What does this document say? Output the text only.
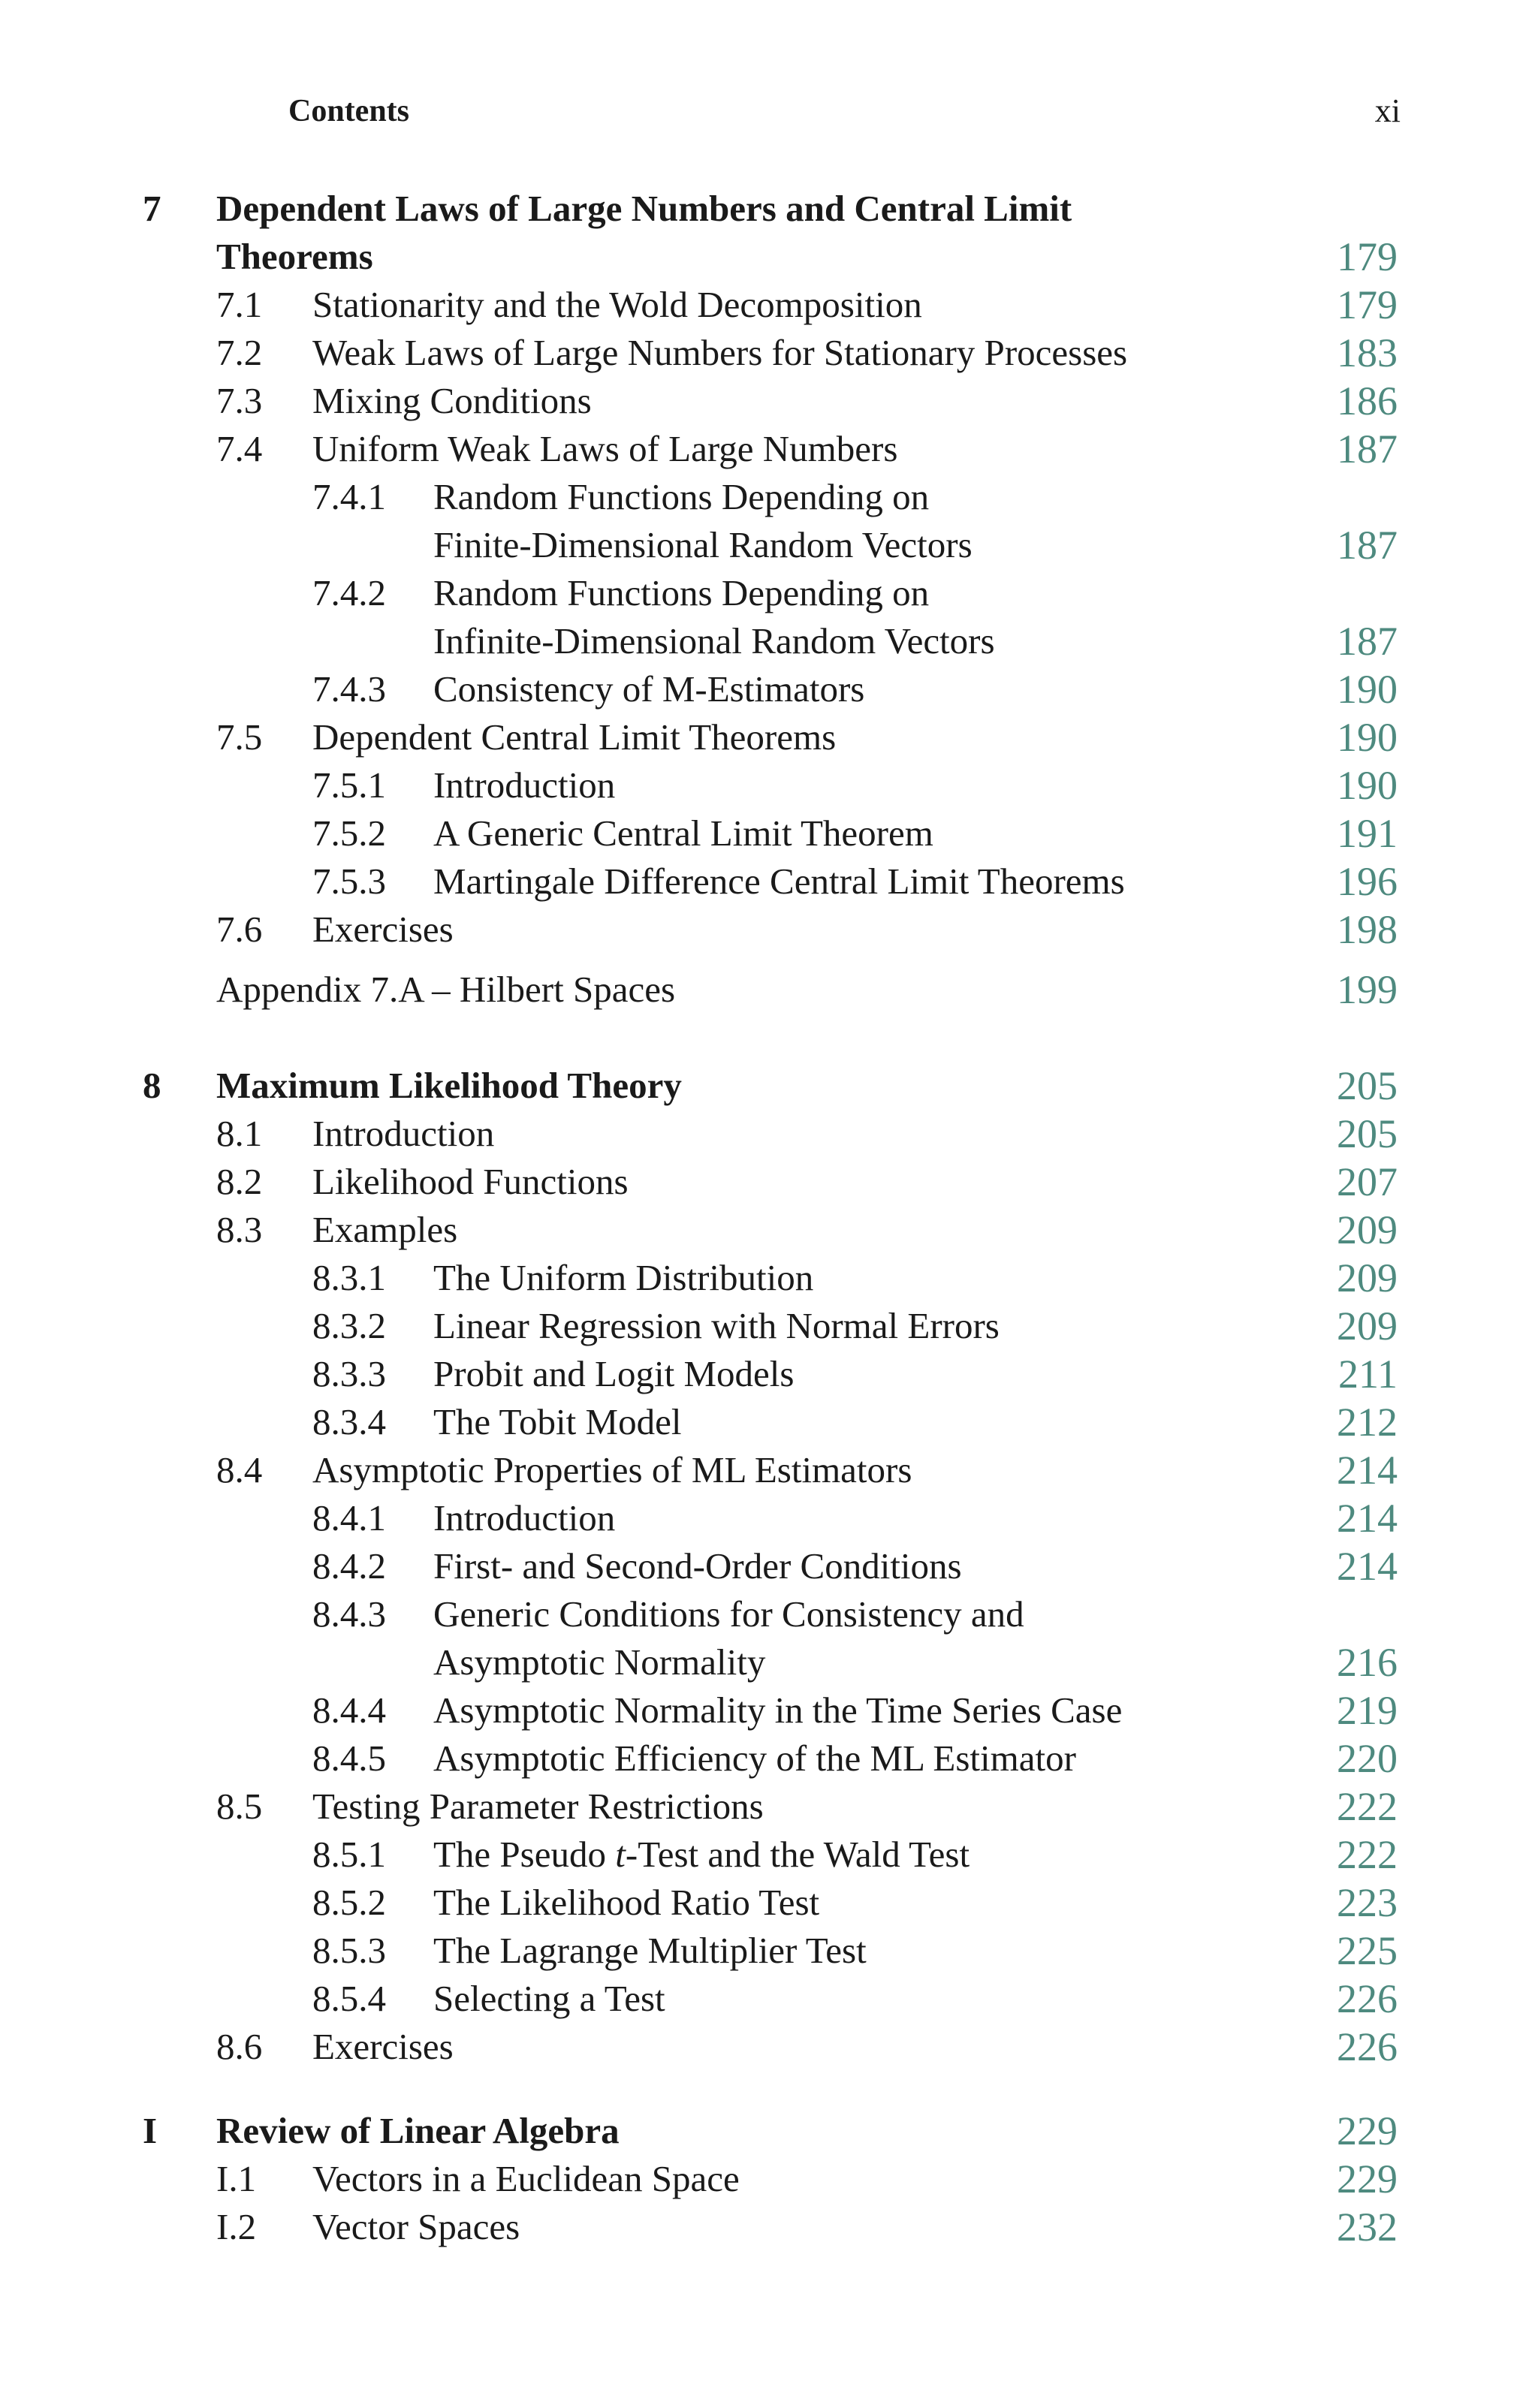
Contents	xi
7 Dependent Laws of Large Numbers and Central Limit
Theorems	179
7.1 Stationarity and the Wold Decomposition	179
7.2 Weak Laws of Large Numbers for Stationary Processes	183
7.3 Mixing Conditions	186
7.4 Uniform Weak Laws of Large Numbers	187
7.4.1 Random Functions Depending on
Finite-Dimensional Random Vectors	187
7.4.2 Random Functions Depending on
Infinite-Dimensional Random Vectors	187
7.4.3 Consistency of M-Estimators	190
7.5 Dependent Central Limit Theorems	190
7.5.1 Introduction	190
7.5.2 A Generic Central Limit Theorem	191
7.5.3 Martingale Difference Central Limit Theorems	196
7.6 Exercises	198
Appendix 7.A – Hilbert Spaces	199
8 Maximum Likelihood Theory	205
8.1 Introduction	205
8.2 Likelihood Functions	207
8.3 Examples	209
8.3.1 The Uniform Distribution	209
8.3.2 Linear Regression with Normal Errors	209
8.3.3 Probit and Logit Models	211
8.3.4 The Tobit Model	212
8.4 Asymptotic Properties of ML Estimators	214
8.4.1 Introduction	214
8.4.2 First- and Second-Order Conditions	214
8.4.3 Generic Conditions for Consistency and
Asymptotic Normality	216
8.4.4 Asymptotic Normality in the Time Series Case	219
8.4.5 Asymptotic Efficiency of the ML Estimator	220
8.5 Testing Parameter Restrictions	222
8.5.1 The Pseudo t-Test and the Wald Test	222
8.5.2 The Likelihood Ratio Test	223
8.5.3 The Lagrange Multiplier Test	225
8.5.4 Selecting a Test	226
8.6 Exercises	226
I Review of Linear Algebra	229
I.1 Vectors in a Euclidean Space	229
I.2 Vector Spaces	232
